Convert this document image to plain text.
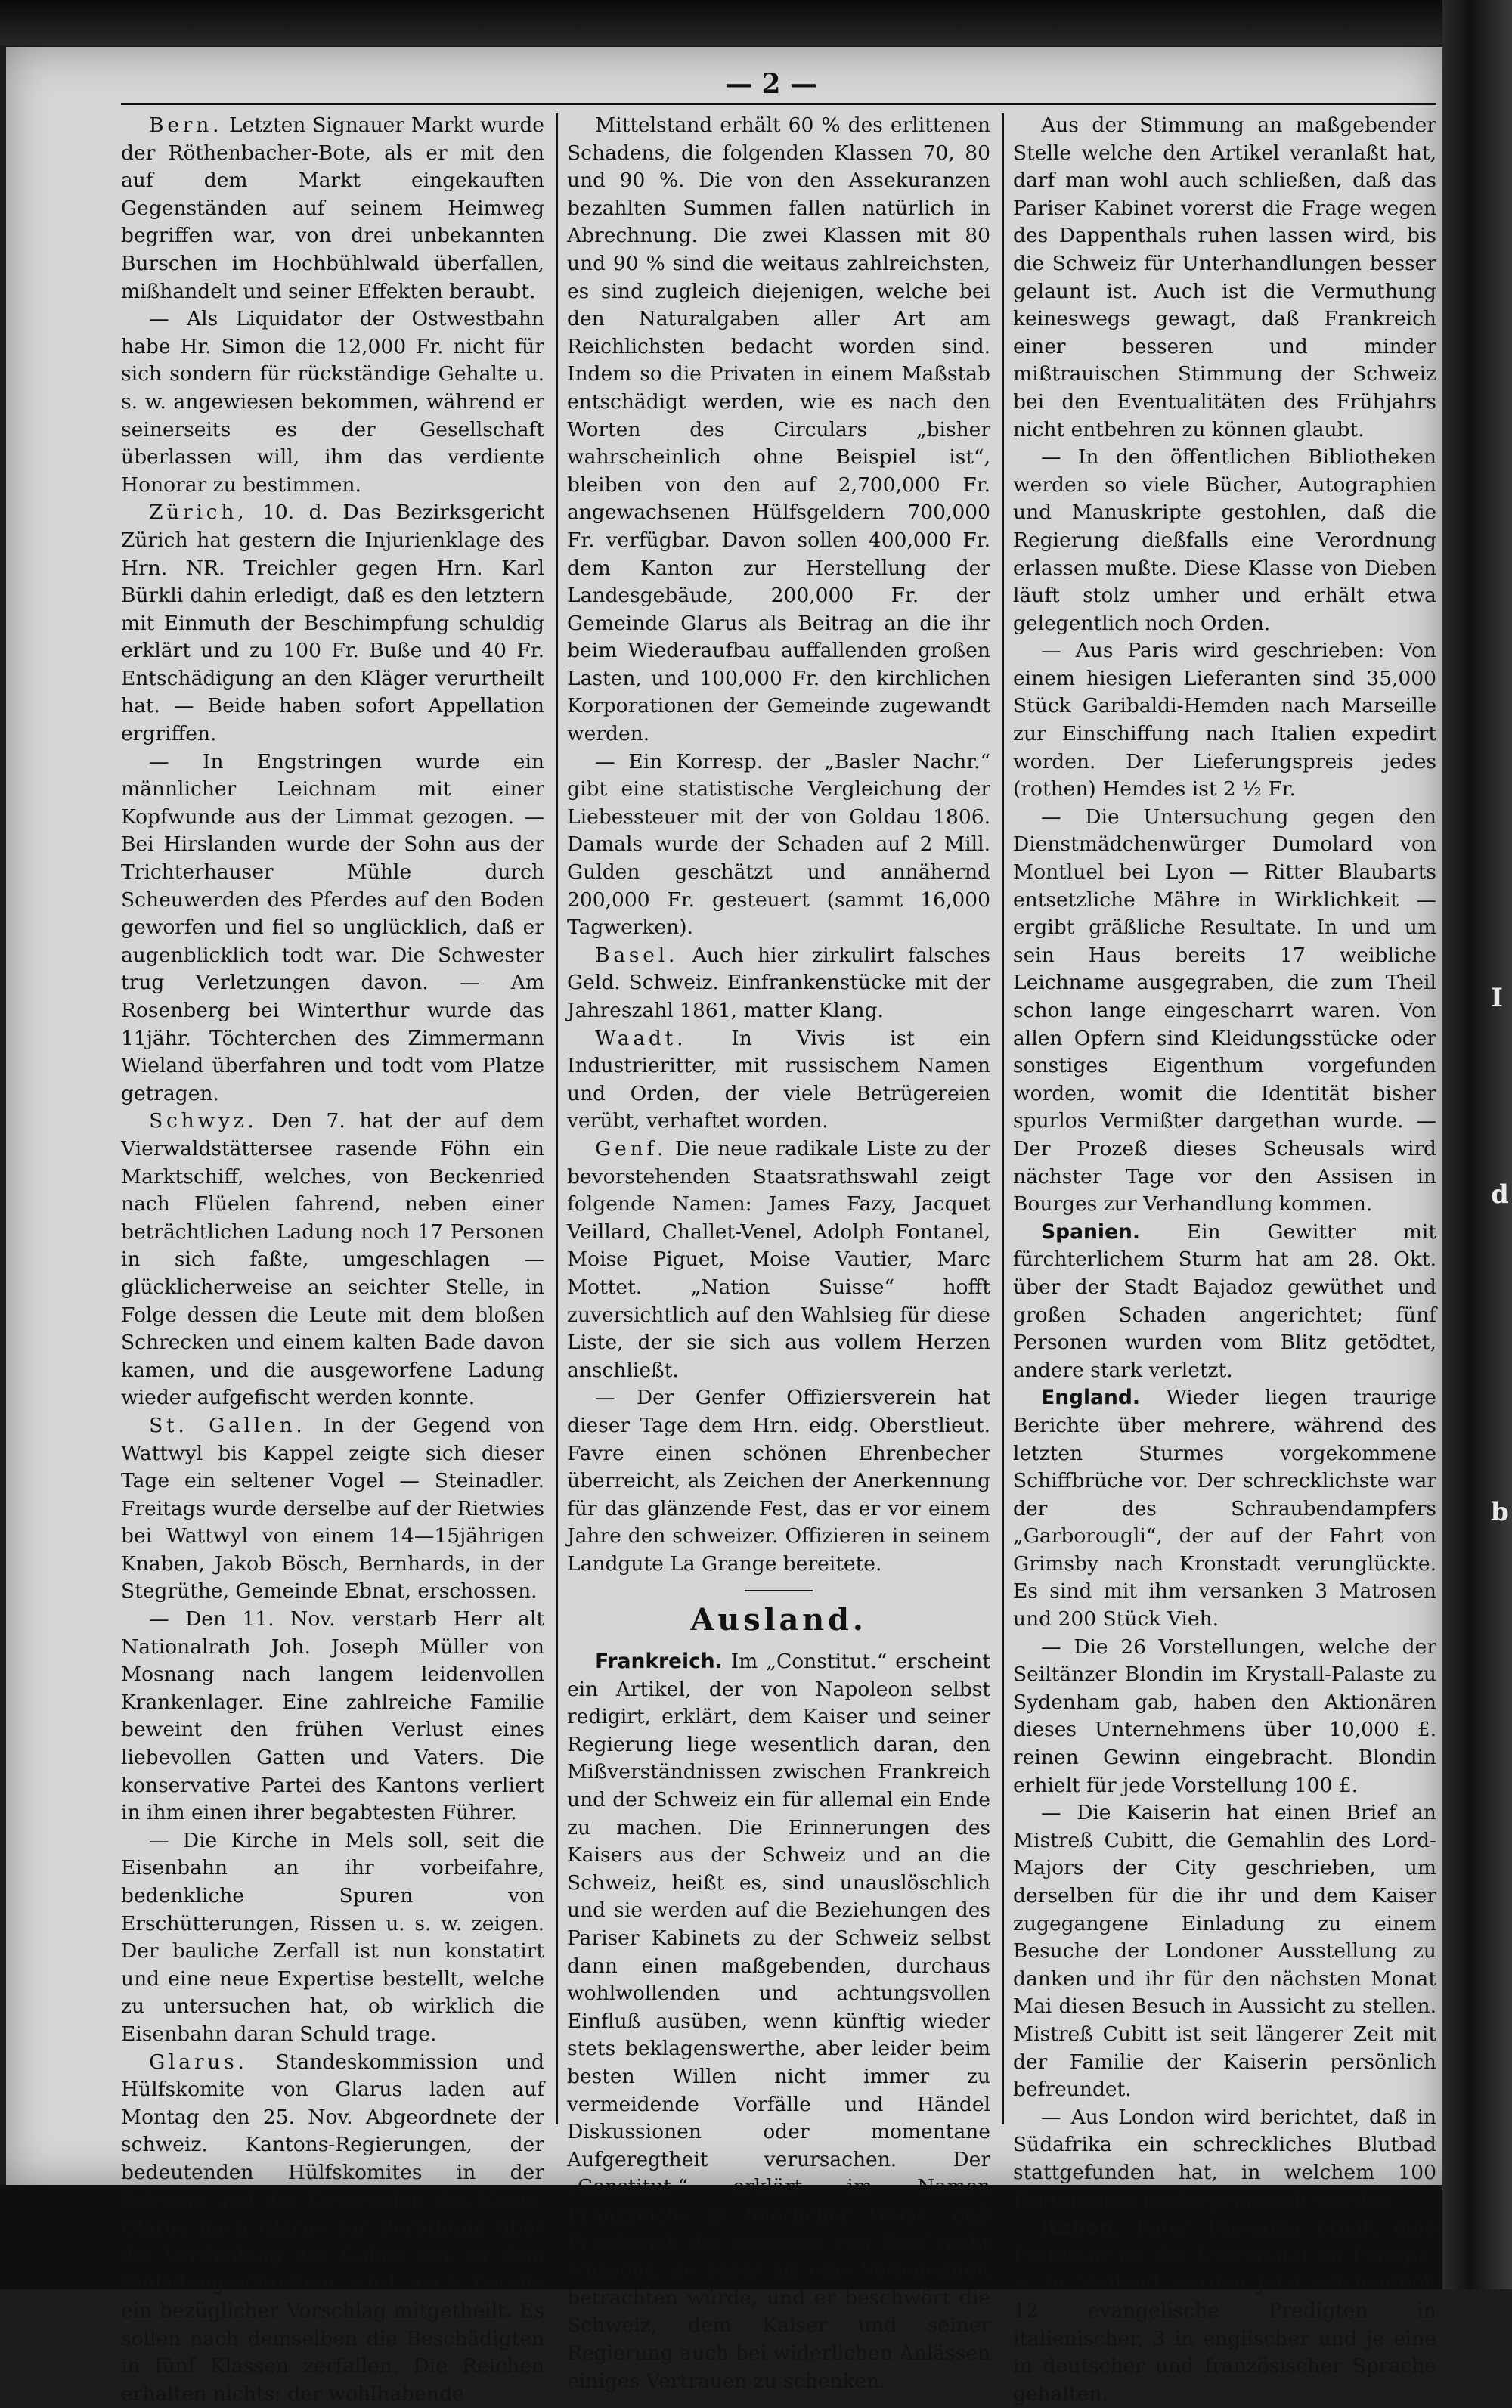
I
d
b
— 2 —

Bern. Letzten Signauer Markt wurde der Röthenbacher-Bote, als er mit den auf dem Markt eingekauften Gegenständen auf seinem Heimweg begriffen war, von drei unbekannten Burschen im Hochbühlwald überfallen, mißhandelt und seiner Effekten beraubt.

— Als Liquidator der Ostwestbahn habe Hr. Simon die 12,000 Fr. nicht für sich sondern für rückständige Gehalte u. s. w. angewiesen bekommen, während er seinerseits es der Gesellschaft überlassen will, ihm das verdiente Honorar zu bestimmen.

Zürich, 10. d. Das Bezirksgericht Zürich hat gestern die Injurienklage des Hrn. NR. Treichler gegen Hrn. Karl Bürkli dahin erledigt, daß es den letztern mit Einmuth der Beschimpfung schuldig erklärt und zu 100 Fr. Buße und 40 Fr. Entschädigung an den Kläger verurtheilt hat. — Beide haben sofort Appellation ergriffen.

— In Engstringen wurde ein männlicher Leichnam mit einer Kopfwunde aus der Limmat gezogen. — Bei Hirslanden wurde der Sohn aus der Trichterhauser Mühle durch Scheuwerden des Pferdes auf den Boden geworfen und fiel so unglücklich, daß er augenblicklich todt war. Die Schwester trug Verletzungen davon. — Am Rosenberg bei Winterthur wurde das 11jähr. Töchterchen des Zimmermann Wieland überfahren und todt vom Platze getragen.

Schwyz. Den 7. hat der auf dem Vierwaldstättersee rasende Föhn ein Marktschiff, welches, von Beckenried nach Flüelen fahrend, neben einer beträchtlichen Ladung noch 17 Personen in sich faßte, umgeschlagen — glücklicherweise an seichter Stelle, in Folge dessen die Leute mit dem bloßen Schrecken und einem kalten Bade davon kamen, und die ausgeworfene Ladung wieder aufgefischt werden konnte.

St. Gallen. In der Gegend von Wattwyl bis Kappel zeigte sich dieser Tage ein seltener Vogel — Steinadler. Freitags wurde derselbe auf der Rietwies bei Wattwyl von einem 14—15jährigen Knaben, Jakob Bösch, Bernhards, in der Stegrüthe, Gemeinde Ebnat, erschossen.

— Den 11. Nov. verstarb Herr alt Nationalrath Joh. Joseph Müller von Mosnang nach langem leidenvollen Krankenlager. Eine zahlreiche Familie beweint den frühen Verlust eines liebevollen Gatten und Vaters. Die konservative Partei des Kantons verliert in ihm einen ihrer begabtesten Führer.

— Die Kirche in Mels soll, seit die Eisenbahn an ihr vorbeifahre, bedenkliche Spuren von Erschütterungen, Rissen u. s. w. zeigen. Der bauliche Zerfall ist nun konstatirt und eine neue Expertise bestellt, welche zu untersuchen hat, ob wirklich die Eisenbahn daran Schuld trage.

Glarus. Standeskommission und Hülfskomite von Glarus laden auf Montag den 25. Nov. Abgeordnete der schweiz. Kantons-Regierungen, der bedeutenden Hülfskomites in der Schweiz und der Gemeinden des Kants. Glarus nach Glarus zur Berathung über die Vertheilung der Gaben ein. In dem Einladungsschreiben wird auch bereits ein bezüglicher Vorschlag mitgetheilt. Es sollen nach demselben die Beschädigten in fünf Klassen zerfallen. Die Reichen erhalten nichts; der wohlhabende

Mittelstand erhält 60 % des erlittenen Schadens, die folgenden Klassen 70, 80 und 90 %. Die von den Assekuranzen bezahlten Summen fallen natürlich in Abrechnung. Die zwei Klassen mit 80 und 90 % sind die weitaus zahlreichsten, es sind zugleich diejenigen, welche bei den Naturalgaben aller Art am Reichlichsten bedacht worden sind. Indem so die Privaten in einem Maßstab entschädigt werden, wie es nach den Worten des Circulars „bisher wahrscheinlich ohne Beispiel ist“, bleiben von den auf 2,700,000 Fr. angewachsenen Hülfsgeldern 700,000 Fr. verfügbar. Davon sollen 400,000 Fr. dem Kanton zur Herstellung der Landesgebäude, 200,000 Fr. der Gemeinde Glarus als Beitrag an die ihr beim Wiederaufbau auffallenden großen Lasten, und 100,000 Fr. den kirchlichen Korporationen der Gemeinde zugewandt werden.

— Ein Korresp. der „Basler Nachr.“ gibt eine statistische Vergleichung der Liebessteuer mit der von Goldau 1806. Damals wurde der Schaden auf 2 Mill. Gulden geschätzt und annähernd 200,000 Fr. gesteuert (sammt 16,000 Tagwerken).

Basel. Auch hier zirkulirt falsches Geld. Schweiz. Einfrankenstücke mit der Jahreszahl 1861, matter Klang.

Waadt. In Vivis ist ein Industrieritter, mit russischem Namen und Orden, der viele Betrügereien verübt, verhaftet worden.

Genf. Die neue radikale Liste zu der bevorstehenden Staatsrathswahl zeigt folgende Namen: James Fazy, Jacquet Veillard, Challet-Venel, Adolph Fontanel, Moise Piguet, Moise Vautier, Marc Mottet. „Nation Suisse“ hofft zuversichtlich auf den Wahlsieg für diese Liste, der sie sich aus vollem Herzen anschließt.

— Der Genfer Offiziersverein hat dieser Tage dem Hrn. eidg. Oberstlieut. Favre einen schönen Ehrenbecher überreicht, als Zeichen der Anerkennung für das glänzende Fest, das er vor einem Jahre den schweizer. Offizieren in seinem Landgute La Grange bereitete.

Ausland.

Frankreich. Im „Constitut.“ erscheint ein Artikel, der von Napoleon selbst redigirt, erklärt, dem Kaiser und seiner Regierung liege wesentlich daran, den Mißverständnissen zwischen Frankreich und der Schweiz ein für allemal ein Ende zu machen. Die Erinnerungen des Kaisers aus der Schweiz und an die Schweiz, heißt es, sind unauslöschlich und sie werden auf die Beziehungen des Pariser Kabinets zu der Schweiz selbst dann einen maßgebenden, durchaus wohlwollenden und achtungsvollen Einfluß ausüben, wenn künftig wieder stets beklagenswerthe, aber leider beim besten Willen nicht immer zu vermeidende Vorfälle und Händel Diskussionen oder momentane Aufgeregtheit verursachen. Der „Constitut.“ erklärt im Namen Frankreichs in feierlicher Weise, daß Frankreich die Annexion von Genf nicht wünscht, sie sogar als eine Verlegenheit betrachten würde, und er beschwört die Schweiz, dem Kaiser und seiner Regierung auch bei widerlichen Anlässen einiges Vertrauen zu schenken.

Aus der Stimmung an maßgebender Stelle welche den Artikel veranlaßt hat, darf man wohl auch schließen, daß das Pariser Kabinet vorerst die Frage wegen des Dappenthals ruhen lassen wird, bis die Schweiz für Unterhandlungen besser gelaunt ist. Auch ist die Vermuthung keineswegs gewagt, daß Frankreich einer besseren und minder mißtrauischen Stimmung der Schweiz bei den Eventualitäten des Frühjahrs nicht entbehren zu können glaubt.

— In den öffentlichen Bibliotheken werden so viele Bücher, Autographien und Manuskripte gestohlen, daß die Regierung dießfalls eine Verordnung erlassen mußte. Diese Klasse von Dieben läuft stolz umher und erhält etwa gelegentlich noch Orden.

— Aus Paris wird geschrieben: Von einem hiesigen Lieferanten sind 35,000 Stück Garibaldi-Hemden nach Marseille zur Einschiffung nach Italien expedirt worden. Der Lieferungspreis jedes (rothen) Hemdes ist 2 ½ Fr.

— Die Untersuchung gegen den Dienstmädchenwürger Dumolard von Montluel bei Lyon — Ritter Blaubarts entsetzliche Mähre in Wirklichkeit — ergibt gräßliche Resultate. In und um sein Haus bereits 17 weibliche Leichname ausgegraben, die zum Theil schon lange eingescharrt waren. Von allen Opfern sind Kleidungsstücke oder sonstiges Eigenthum vorgefunden worden, womit die Identität bisher spurlos Vermißter dargethan wurde. — Der Prozeß dieses Scheusals wird nächster Tage vor den Assisen in Bourges zur Verhandlung kommen.

Spanien. Ein Gewitter mit fürchterlichem Sturm hat am 28. Okt. über der Stadt Bajadoz gewüthet und großen Schaden angerichtet; fünf Personen wurden vom Blitz getödtet, andere stark verletzt.

England. Wieder liegen traurige Berichte über mehrere, während des letzten Sturmes vorgekommene Schiffbrüche vor. Der schrecklichste war der des Schraubendampfers „Garborougli“, der auf der Fahrt von Grimsby nach Kronstadt verunglückte. Es sind mit ihm versanken 3 Matrosen und 200 Stück Vieh.

— Die 26 Vorstellungen, welche der Seiltänzer Blondin im Krystall-Palaste zu Sydenham gab, haben den Aktionären dieses Unternehmens über 10,000 £. reinen Gewinn eingebracht. Blondin erhielt für jede Vorstellung 100 £.

— Die Kaiserin hat einen Brief an Mistreß Cubitt, die Gemahlin des Lord-Majors der City geschrieben, um derselben für die ihr und dem Kaiser zugegangene Einladung zu einem Besuche der Londoner Ausstellung zu danken und ihr für den nächsten Monat Mai diesen Besuch in Aussicht zu stellen. Mistreß Cubitt ist seit längerer Zeit mit der Familie der Kaiserin persönlich befreundet.

— Aus London wird berichtet, daß in Südafrika ein schreckliches Blutbad stattgefunden hat, in welchem 100 Hottentoten niedergemetzelt wurden.

Italien. Pater Passaglia erhält eine Professur an der Universität zu Perugia. — In Mailand werden jetzt wöchentlich 12 evangelische Predigten in italienischer, 3 in englischer und je eine in deutscher und französischer Sprache gehalten.
